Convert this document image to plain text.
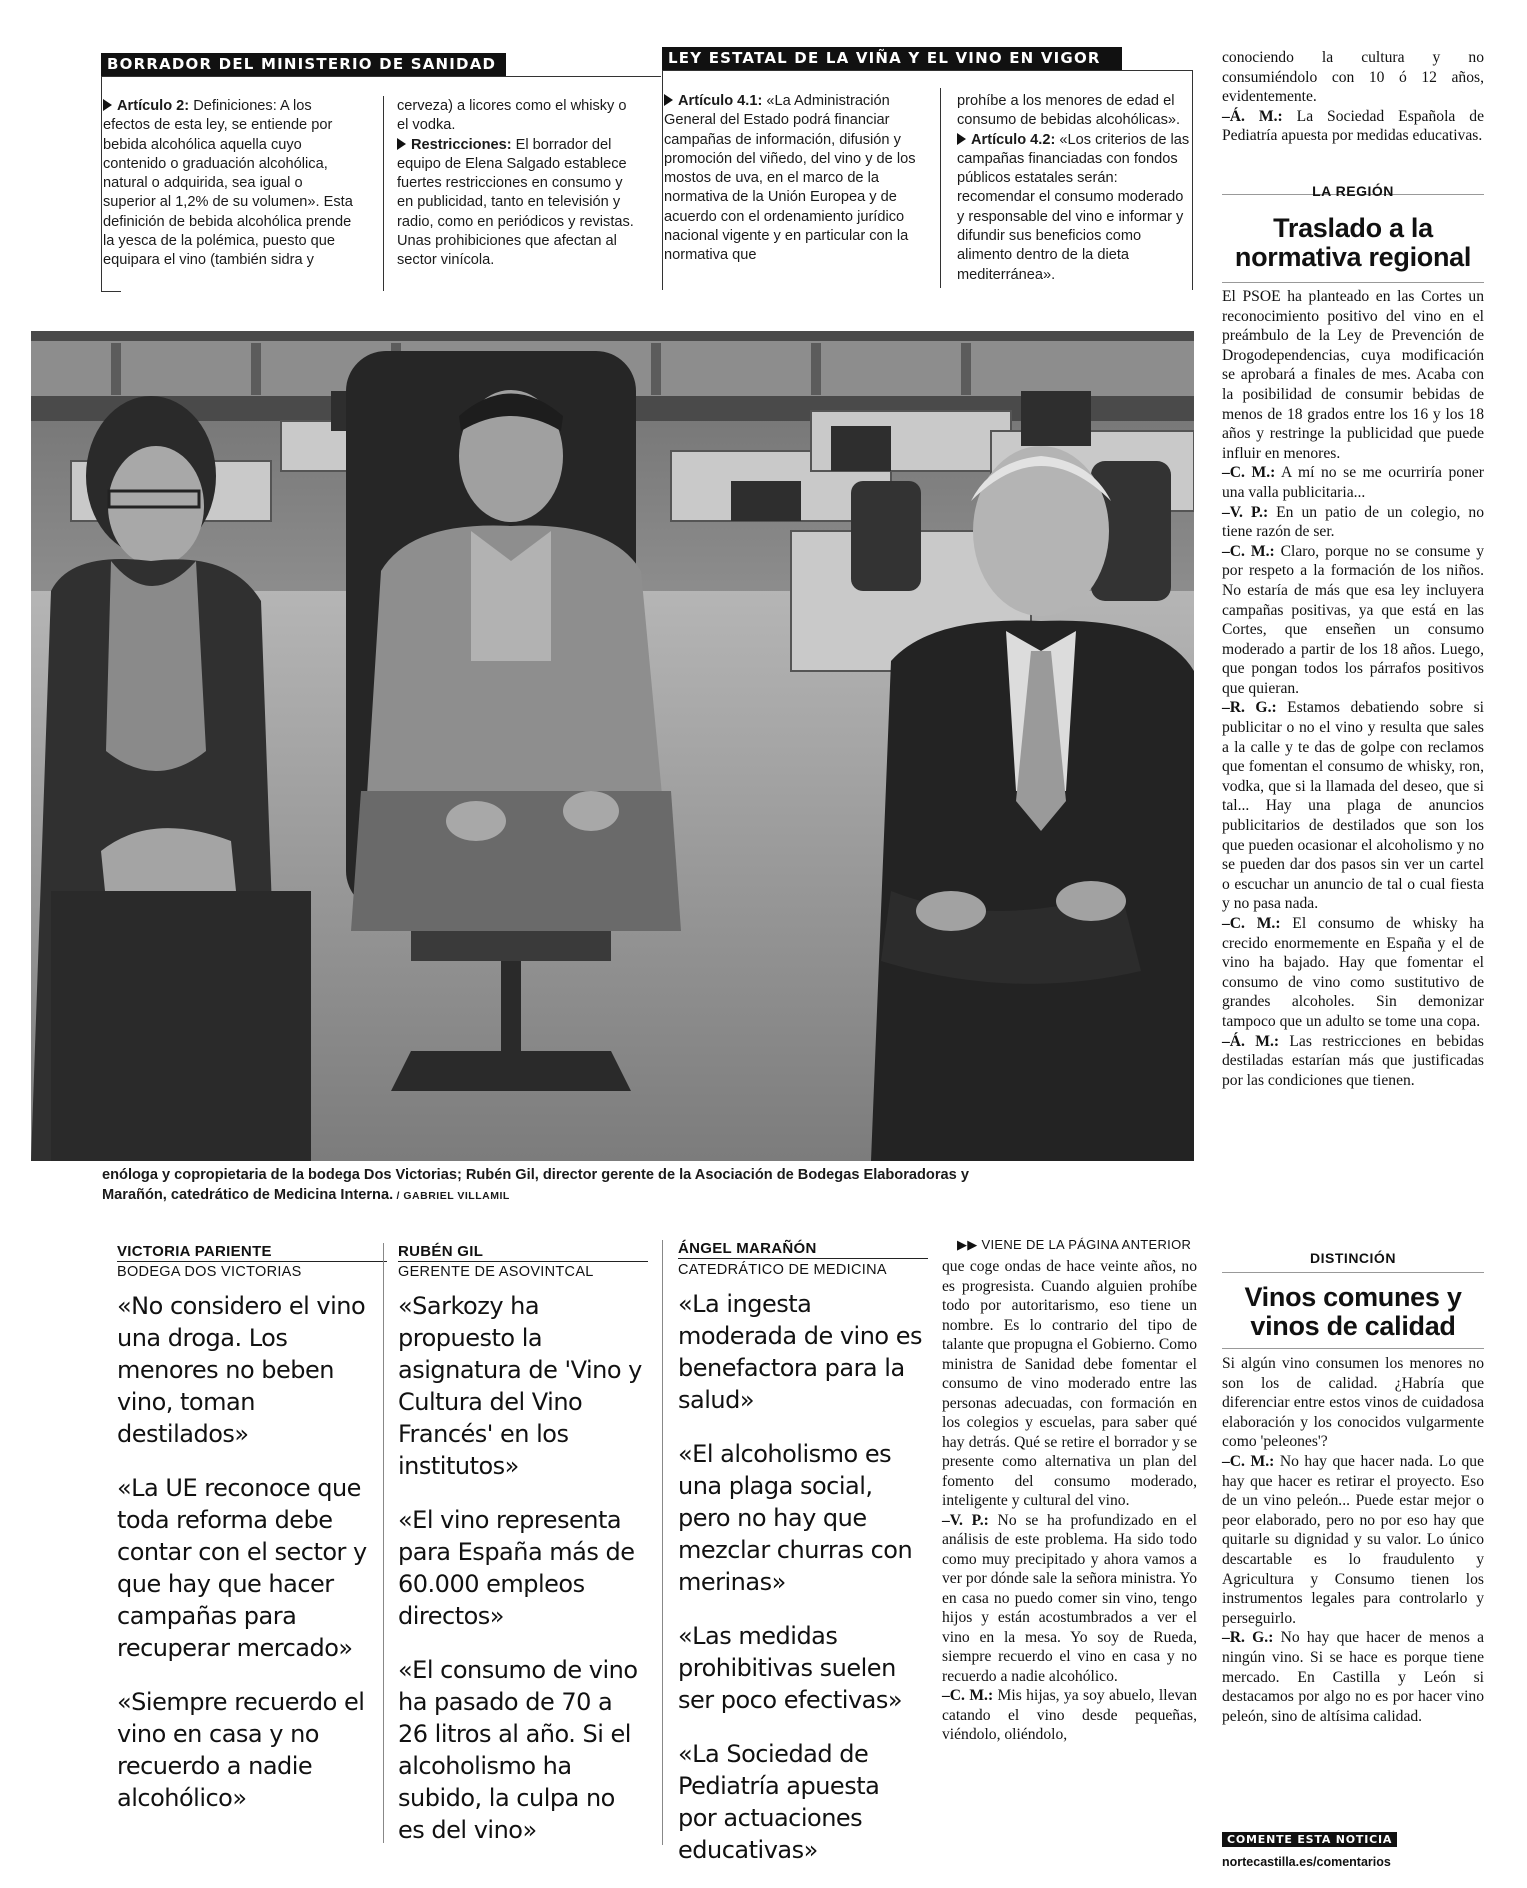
BORRADOR DEL MINISTERIO DE SANIDAD
Artículo 2: Definiciones: A los efectos de esta ley, se entiende por bebida alcohólica aquella cuyo contenido o graduación alcohólica, natural o adquirida, sea igual o superior al 1,2% de su volumen». Esta definición de bebida alcohólica prende la yesca de la polémica, puesto que equipara el vino (también sidra y
cerveza) a licores como el whisky o el vodka.
Restricciones: El borrador del equipo de Elena Salgado establece fuertes restricciones en consumo y en publicidad, tanto en televisión y radio, como en periódicos y revistas. Unas prohibiciones que afectan al sector vinícola.
LEY ESTATAL DE LA VIÑA Y EL VINO EN VIGOR
Artículo 4.1: «La Administración General del Estado podrá financiar campañas de información, difusión y promoción del viñedo, del vino y de los mostos de uva, en el marco de la normativa de la Unión Europea y de acuerdo con el ordenamiento jurídico nacional vigente y en particular con la normativa que
prohíbe a los menores de edad el consumo de bebidas alcohólicas».
Artículo 4.2: «Los criterios de las campañas financiadas con fondos públicos estatales serán: recomendar el consumo moderado y responsable del vino e informar y difundir sus beneficios como alimento dentro de la dieta mediterránea».

conociendo la cultura y no consumiéndolo con 10 ó 12 años, evidentemente.

–Á. M.: La Sociedad Española de Pediatría apuesta por medidas educativas.

LA REGIÓN
Traslado a la
normativa regional

El PSOE ha planteado en las Cortes un reconocimiento positivo del vino en el preámbulo de la Ley de Prevención de Drogodependencias, cuya modificación se aprobará a finales de mes. Acaba con la posibilidad de consumir bebidas de menos de 18 grados entre los 16 y los 18 años y restringe la publicidad que puede influir en menores.

–C. M.: A mí no se me ocurriría poner una valla publicitaria...

–V. P.: En un patio de un colegio, no tiene razón de ser.

–C. M.: Claro, porque no se consume y por respeto a la formación de los niños. No estaría de más que esa ley incluyera campañas positivas, ya que está en las Cortes, que enseñen un consumo moderado a partir de los 18 años. Luego, que pongan todos los párrafos positivos que quieran.

–R. G.: Estamos debatiendo sobre si publicitar o no el vino y resulta que sales a la calle y te das de golpe con reclamos que fomentan el consumo de whisky, ron, vodka, que si la llamada del deseo, que si tal... Hay una plaga de anuncios publicitarios de destilados que son los que pueden ocasionar el alcoholismo y no se pueden dar dos pasos sin ver un cartel o escuchar un anuncio de tal o cual fiesta y no pasa nada.

–C. M.: El consumo de whisky ha crecido enormemente en España y el de vino ha bajado. Hay que fomentar el consumo de vino como sustitutivo de grandes alcoholes. Sin demonizar tampoco que un adulto se tome una copa.

–Á. M.: Las restricciones en bebidas destiladas estarían más que justificadas por las condiciones que tienen.

DISTINCIÓN
Vinos comunes y
vinos de calidad

Si algún vino consumen los menores no son los de calidad. ¿Habría que diferenciar entre estos vinos de cuidadosa elaboración y los conocidos vulgarmente como 'peleones'?

–C. M.: No hay que hacer nada. Lo que hay que hacer es retirar el proyecto. Eso de un vino peleón... Puede estar mejor o peor elaborado, pero no por eso hay que quitarle su dignidad y su valor. Lo único descartable es lo fraudulento y Agricultura y Consumo tienen los instrumentos legales para controlarlo y perseguirlo.

–R. G.: No hay que hacer de menos a ningún vino. Si se hace es porque tiene mercado. En Castilla y León si destacamos por algo no es por hacer vino peleón, sino de altísima calidad.

COMENTE ESTA NOTICIA
nortecastilla.es/comentarios
enóloga y copropietaria de la bodega Dos Victorias; Rubén Gil, director gerente de la Asociación de Bodegas Elaboradoras y
Marañón, catedrático de Medicina Interna. / GABRIEL VILLAMIL
VICTORIA PARIENTE
BODEGA DOS VICTORIAS

«No considero el vino una droga. Los menores no beben vino, toman destilados»

«La UE reconoce que toda reforma debe contar con el sector y que hay que hacer campañas para recuperar mercado»

«Siempre recuerdo el vino en casa y no recuerdo a nadie alcohólico»

RUBÉN GIL
GERENTE DE ASOVINTCAL

«Sarkozy ha propuesto la asignatura de 'Vino y Cultura del Vino Francés' en los institutos»

«El vino representa para España más de 60.000 empleos directos»

«El consumo de vino ha pasado de 70 a 26 litros al año. Si el alcoholismo ha subido, la culpa no es del vino»

ÁNGEL MARAÑÓN
CATEDRÁTICO DE MEDICINA

«La ingesta moderada de vino es benefactora para la salud»

«El alcoholismo es una plaga social, pero no hay que mezclar churras con merinas»

«Las medidas prohibitivas suelen ser poco efectivas»

«La Sociedad de Pediatría apuesta por actuaciones educativas»

▶▶ VIENE DE LA PÁGINA ANTERIOR

que coge ondas de hace veinte años, no es progresista. Cuando alguien prohíbe todo por autoritarismo, eso tiene un nombre. Es lo contrario del tipo de talante que propugna el Gobierno. Como ministra de Sanidad debe fomentar el consumo de vino moderado entre las personas adecuadas, con formación en los colegios y escuelas, para saber qué hay detrás. Qué se retire el borrador y se presente como alternativa un plan del fomento del consumo moderado, inteligente y cultural del vino.

–V. P.: No se ha profundizado en el análisis de este problema. Ha sido todo como muy precipitado y ahora vamos a ver por dónde sale la señora ministra. Yo en casa no puedo comer sin vino, tengo hijos y están acostumbrados a ver el vino en la mesa. Yo soy de Rueda, siempre recuerdo el vino en casa y no recuerdo a nadie alcohólico.

–C. M.: Mis hijas, ya soy abuelo, llevan catando el vino desde pequeñas, viéndolo, oliéndolo,
